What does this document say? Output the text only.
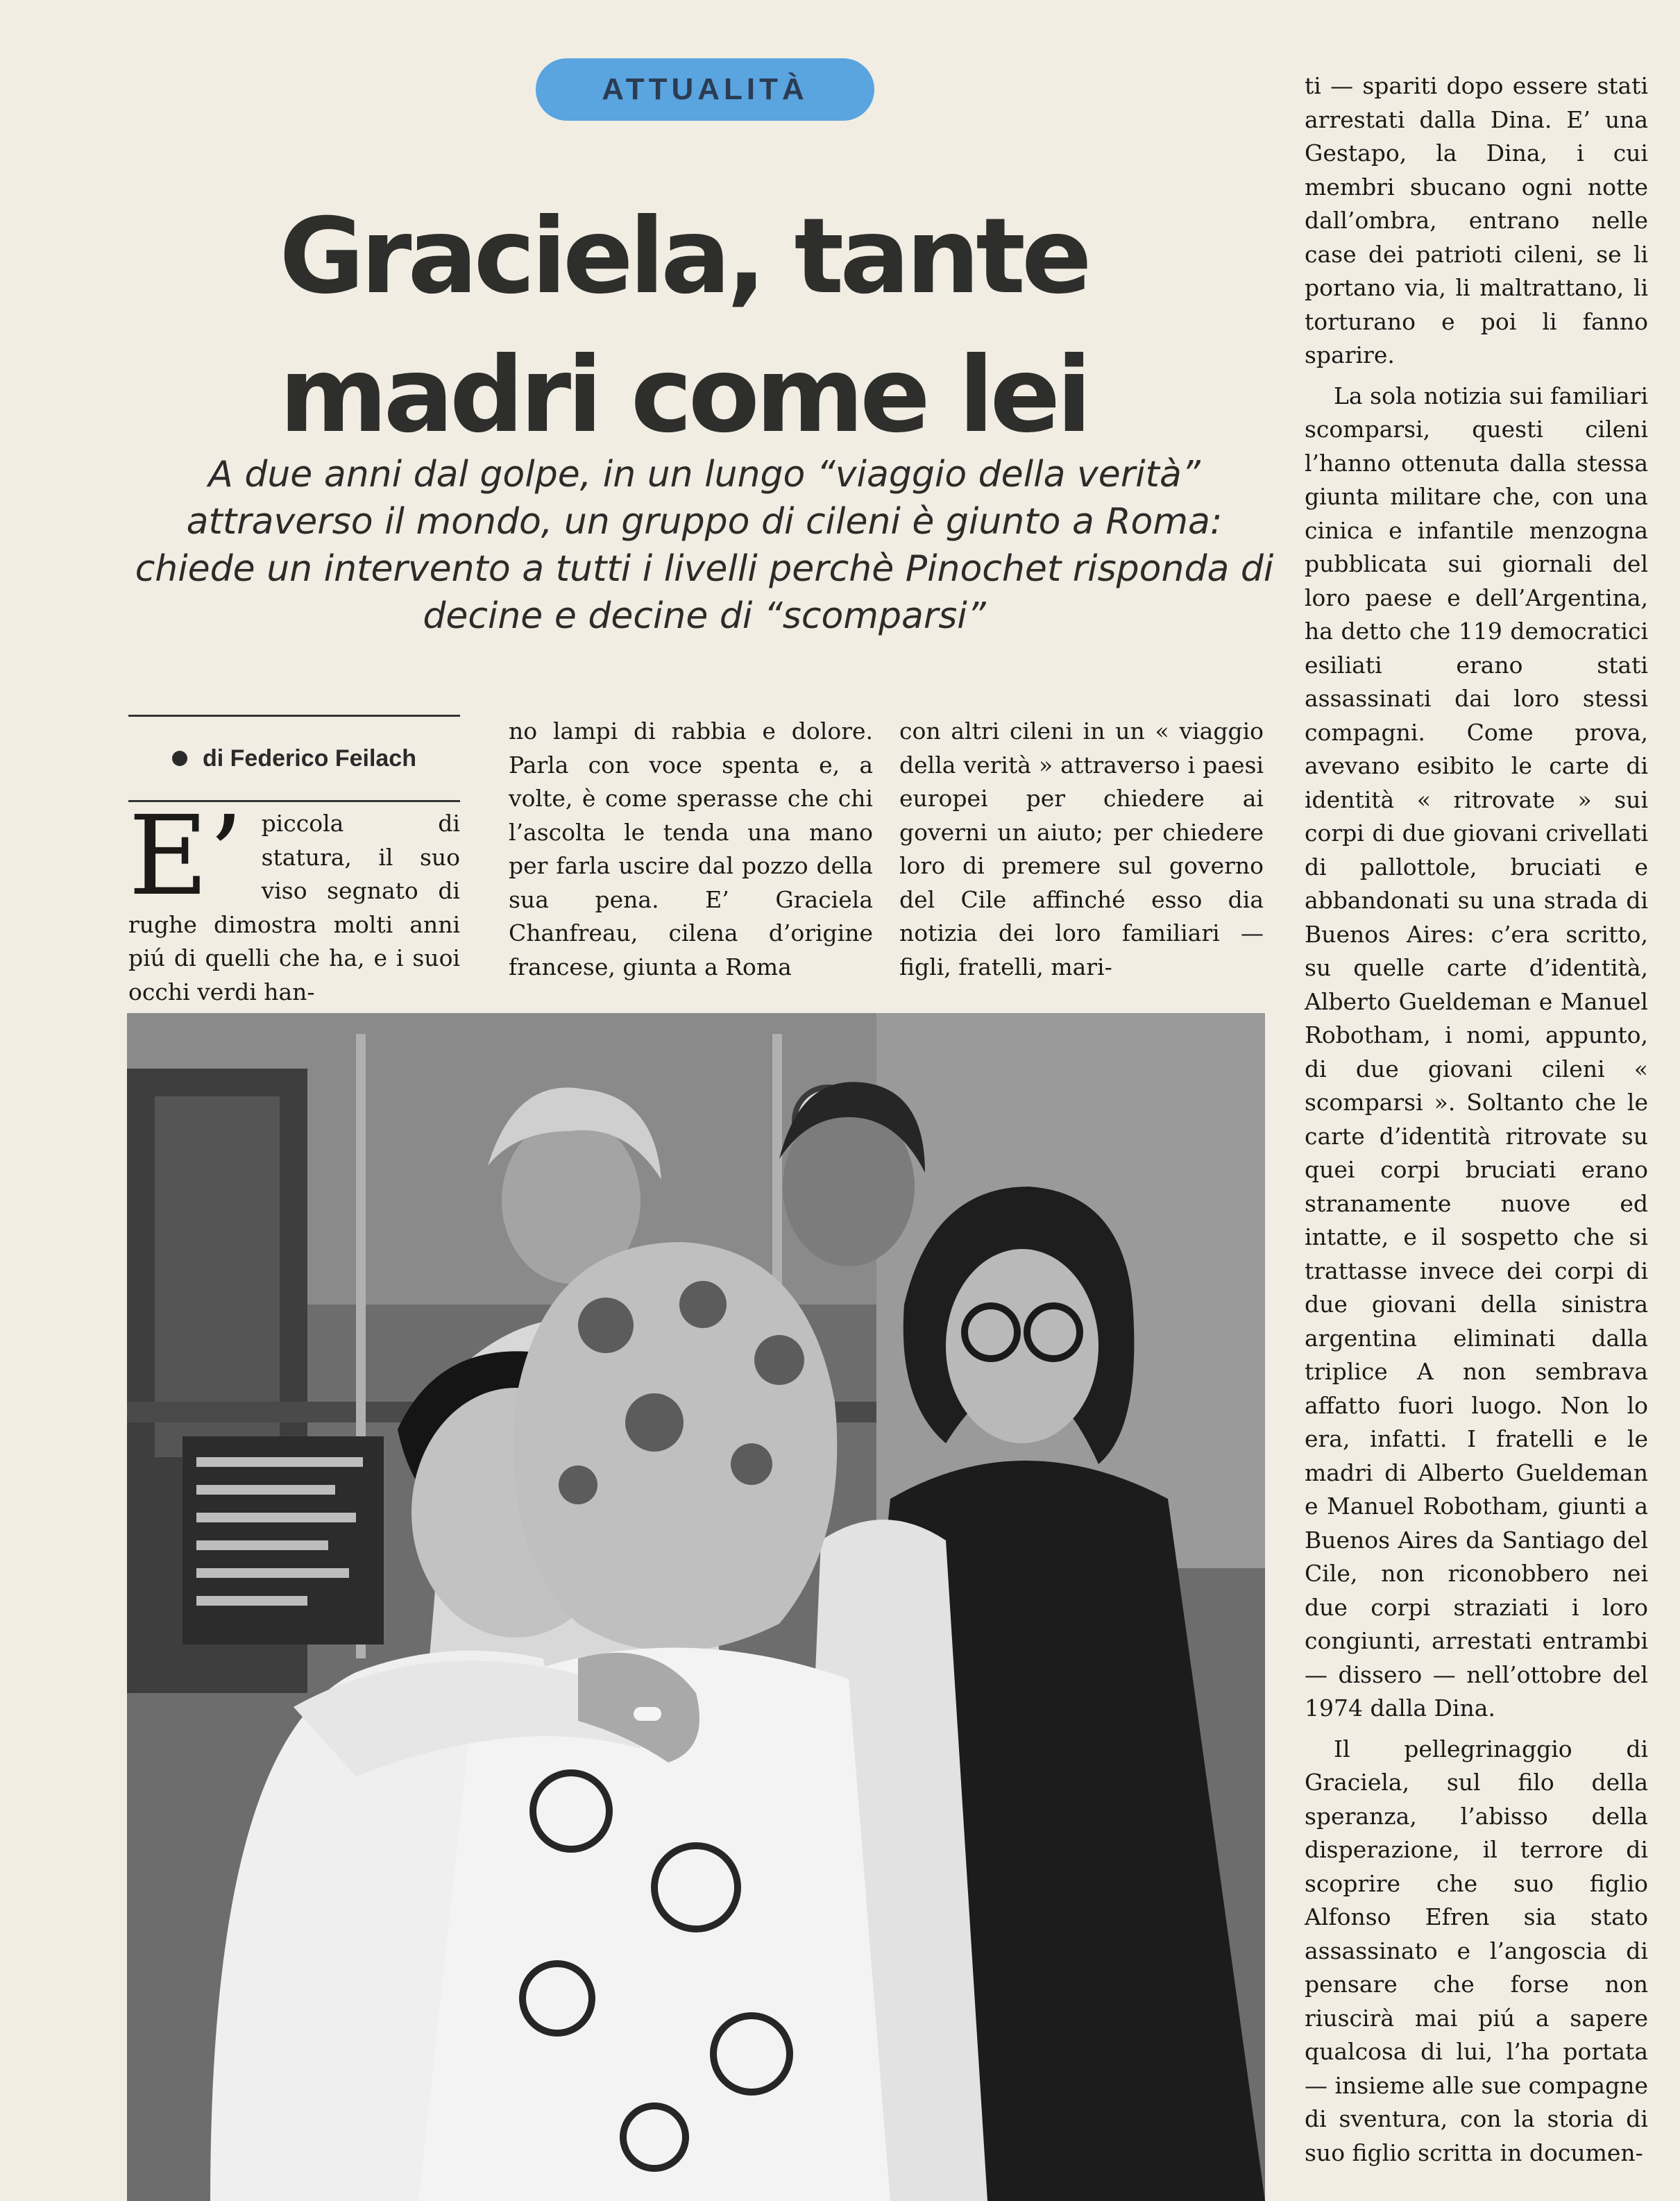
ATTUALITÀ
Graciela, tante madri come lei

A due anni dal golpe, in un lungo “viaggio della verità” attraverso il mondo, un gruppo di cileni è giunto a Roma: chiede un intervento a tutti i livelli perchè Pinochet risponda di decine e decine di “scomparsi”

di Federico Feilach

E’ piccola di statura, il suo viso segnato di rughe dimostra molti anni piú di quelli che ha, e i suoi occhi verdi han-

no lampi di rabbia e dolore. Parla con voce spenta e, a volte, è come sperasse che chi l’ascolta le tenda una mano per farla uscire dal pozzo della sua pena. E’ Graciela Chanfreau, cilena d’origine francese, giunta a Roma

con altri cileni in un « viaggio della verità » attraverso i paesi europei per chiedere ai governi un aiuto; per chiedere loro di premere sul governo del Cile affinché esso dia notizia dei loro familiari — figli, fratelli, mari-

ti — spariti dopo essere stati arrestati dalla Dina. E’ una Gestapo, la Dina, i cui membri sbucano ogni notte dall’ombra, entrano nelle case dei patrioti cileni, se li portano via, li maltrattano, li torturano e poi li fanno sparire.

La sola notizia sui familiari scomparsi, questi cileni l’hanno ottenuta dalla stessa giunta militare che, con una cinica e infantile menzogna pubblicata sui giornali del loro paese e dell’Argentina, ha detto che 119 democratici esiliati erano stati assassinati dai loro stessi compagni. Come prova, avevano esibito le carte di identità « ritrovate » sui corpi di due giovani crivellati di pallottole, bruciati e abbandonati su una strada di Buenos Aires: c’era scritto, su quelle carte d’identità, Alberto Gueldeman e Manuel Robotham, i nomi, appunto, di due giovani cileni « scomparsi ». Soltanto che le carte d’identità ritrovate su quei corpi bruciati erano stranamente nuove ed intatte, e il sospetto che si trattasse invece dei corpi di due giovani della sinistra argentina eliminati dalla triplice A non sembrava affatto fuori luogo. Non lo era, infatti. I fratelli e le madri di Alberto Gueldeman e Manuel Robotham, giunti a Buenos Aires da Santiago del Cile, non riconobbero nei due corpi straziati i loro congiunti, arrestati entrambi — dissero — nell’ottobre del 1974 dalla Dina.

Il pellegrinaggio di Graciela, sul filo della speranza, l’abisso della disperazione, il terrore di scoprire che suo figlio Alfonso Efren sia stato assassinato e l’angoscia di pensare che forse non riuscirà mai piú a sapere qualcosa di lui, l’ha portata — insieme alle sue compagne di sventura, con la storia di suo figlio scritta in documen-
